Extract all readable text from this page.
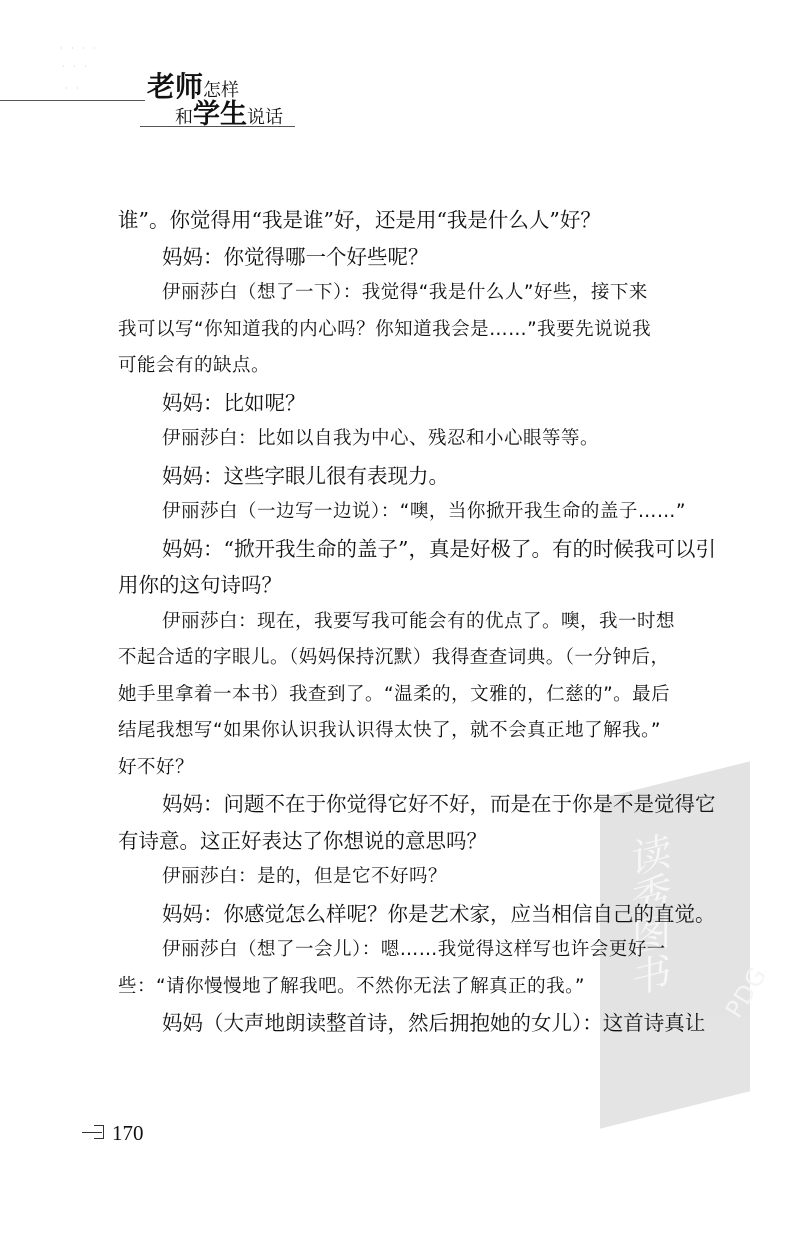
· · · ·
· · ·
· · 老师怎样
和学生说话
读秀图书 PDG
谁”。你觉得用“我是谁”好，还是用“我是什么人”好？
妈妈：你觉得哪一个好些呢？
伊丽莎白（想了一下）：我觉得“我是什么人”好些，接下来
我可以写“你知道我的内心吗？你知道我会是……”我要先说说我
可能会有的缺点。
妈妈：比如呢？
伊丽莎白：比如以自我为中心、残忍和小心眼等等。
妈妈：这些字眼儿很有表现力。
伊丽莎白（一边写一边说）：“噢，当你掀开我生命的盖子……”
妈妈：“掀开我生命的盖子”，真是好极了。有的时候我可以引
用你的这句诗吗？
伊丽莎白：现在，我要写我可能会有的优点了。噢，我一时想
不起合适的字眼儿。（妈妈保持沉默）我得查查词典。（一分钟后，
她手里拿着一本书）我查到了。“温柔的，文雅的，仁慈的”。最后
结尾我想写“如果你认识我认识得太快了，就不会真正地了解我。”
好不好？
妈妈：问题不在于你觉得它好不好，而是在于你是不是觉得它
有诗意。这正好表达了你想说的意思吗？
伊丽莎白：是的，但是它不好吗？
妈妈：你感觉怎么样呢？你是艺术家，应当相信自己的直觉。
伊丽莎白（想了一会儿）：嗯……我觉得这样写也许会更好一
些：“请你慢慢地了解我吧。不然你无法了解真正的我。”
妈妈（大声地朗读整首诗，然后拥抱她的女儿）：这首诗真让
170
